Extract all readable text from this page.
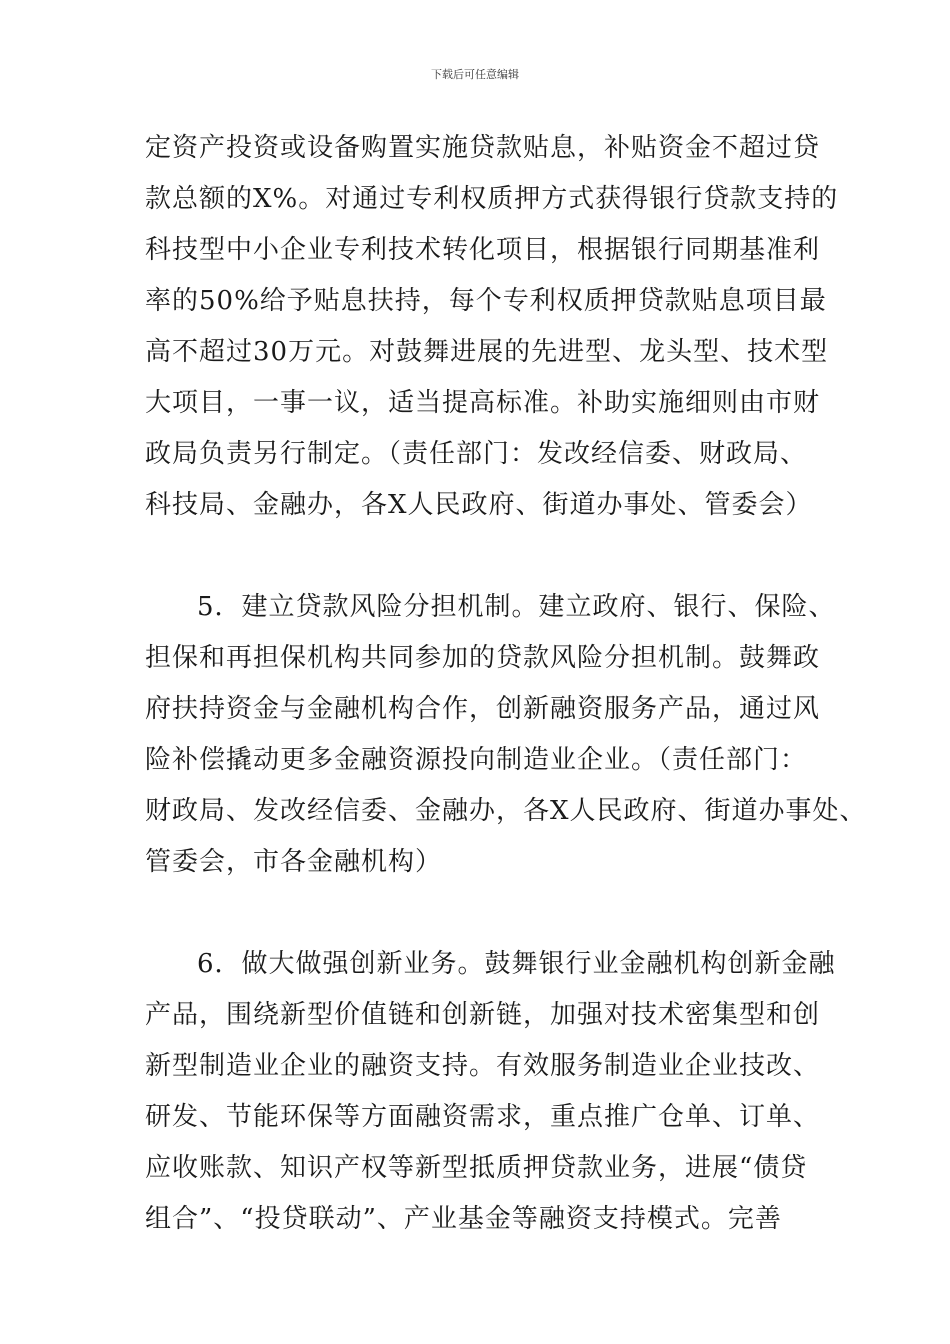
下载后可任意编辑
定资产投资或设备购置实施贷款贴息，补贴资金不超过贷
款总额的X%。对通过专利权质押方式获得银行贷款支持的
科技型中小企业专利技术转化项目，根据银行同期基准利
率的50%给予贴息扶持，每个专利权质押贷款贴息项目最
高不超过30万元。对鼓舞进展的先进型、龙头型、技术型
大项目，一事一议，适当提高标准。补助实施细则由市财
政局负责另行制定。（责任部门：发改经信委、财政局、
科技局、金融办，各X人民政府、街道办事处、管委会）
5．建立贷款风险分担机制。建立政府、银行、保险、
担保和再担保机构共同参加的贷款风险分担机制。鼓舞政
府扶持资金与金融机构合作，创新融资服务产品，通过风
险补偿撬动更多金融资源投向制造业企业。（责任部门：
财政局、发改经信委、金融办，各X人民政府、街道办事处、
管委会，市各金融机构）
6．做大做强创新业务。鼓舞银行业金融机构创新金融
产品，围绕新型价值链和创新链，加强对技术密集型和创
新型制造业企业的融资支持。有效服务制造业企业技改、
研发、节能环保等方面融资需求，重点推广仓单、订单、
应收账款、知识产权等新型抵质押贷款业务，进展“债贷
组合”、“投贷联动”、产业基金等融资支持模式。完善
